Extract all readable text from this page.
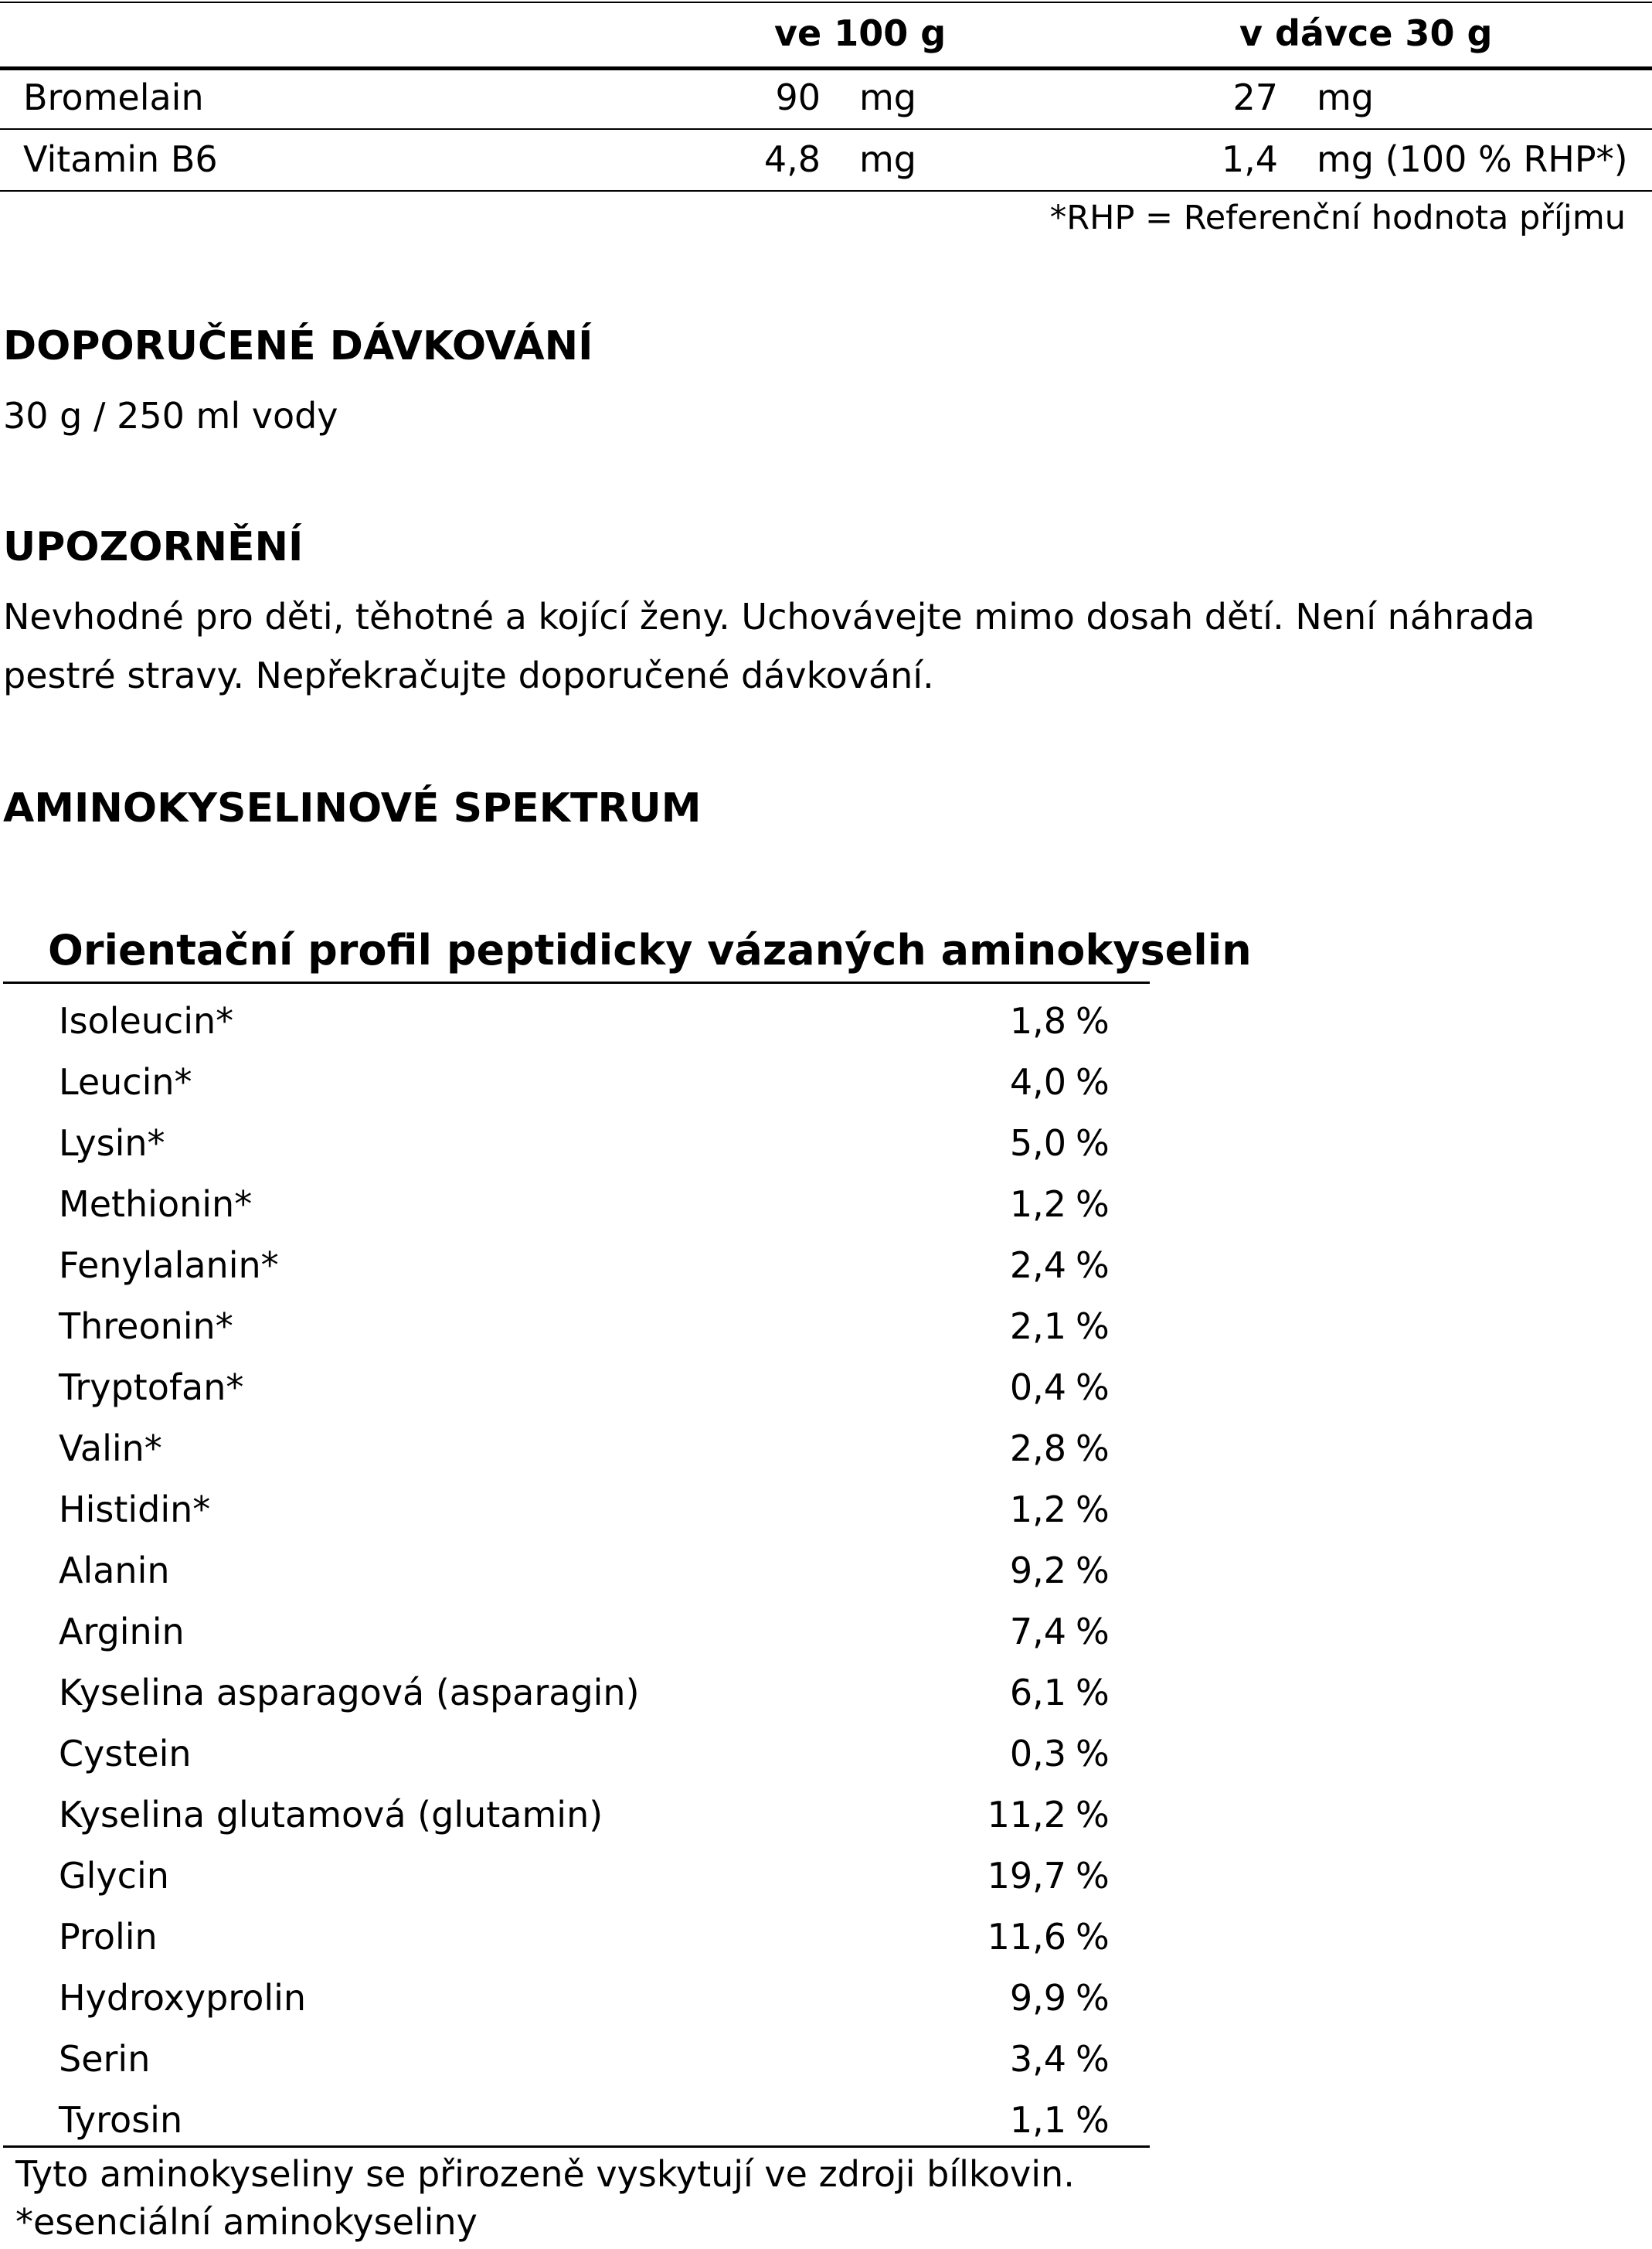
ve 100 g	v dávce 30 g
Bromelain	90 mg	27 mg
Vitamin B6	4,8 mg	1,4 mg (100 % RHP*)
*RHP = Referenční hodnota příjmu
DOPORUČENÉ DÁVKOVÁNÍ

30 g / 250 ml vody

UPOZORNĚNÍ

Nevhodné pro děti, těhotné a kojící ženy. Uchovávejte mimo dosah dětí. Není náhrada pestré stravy. Nepřekračujte doporučené dávkování.

AMINOKYSELINOVÉ SPEKTRUM
Orientační profil peptidicky vázaných aminokyselin
Isoleucin*	1,8 %
Leucin*	4,0 %
Lysin*	5,0 %
Methionin*	1,2 %
Fenylalanin*	2,4 %
Threonin*	2,1 %
Tryptofan*	0,4 %
Valin*	2,8 %
Histidin*	1,2 %
Alanin	9,2 %
Arginin	7,4 %
Kyselina asparagová (asparagin)	6,1 %
Cystein	0,3 %
Kyselina glutamová (glutamin)	11,2 %
Glycin	19,7 %
Prolin	11,6 %
Hydroxyprolin	9,9 %
Serin	3,4 %
Tyrosin	1,1 %

Tyto aminokyseliny se přirozeně vyskytují ve zdroji bílkovin.

*esenciální aminokyseliny
